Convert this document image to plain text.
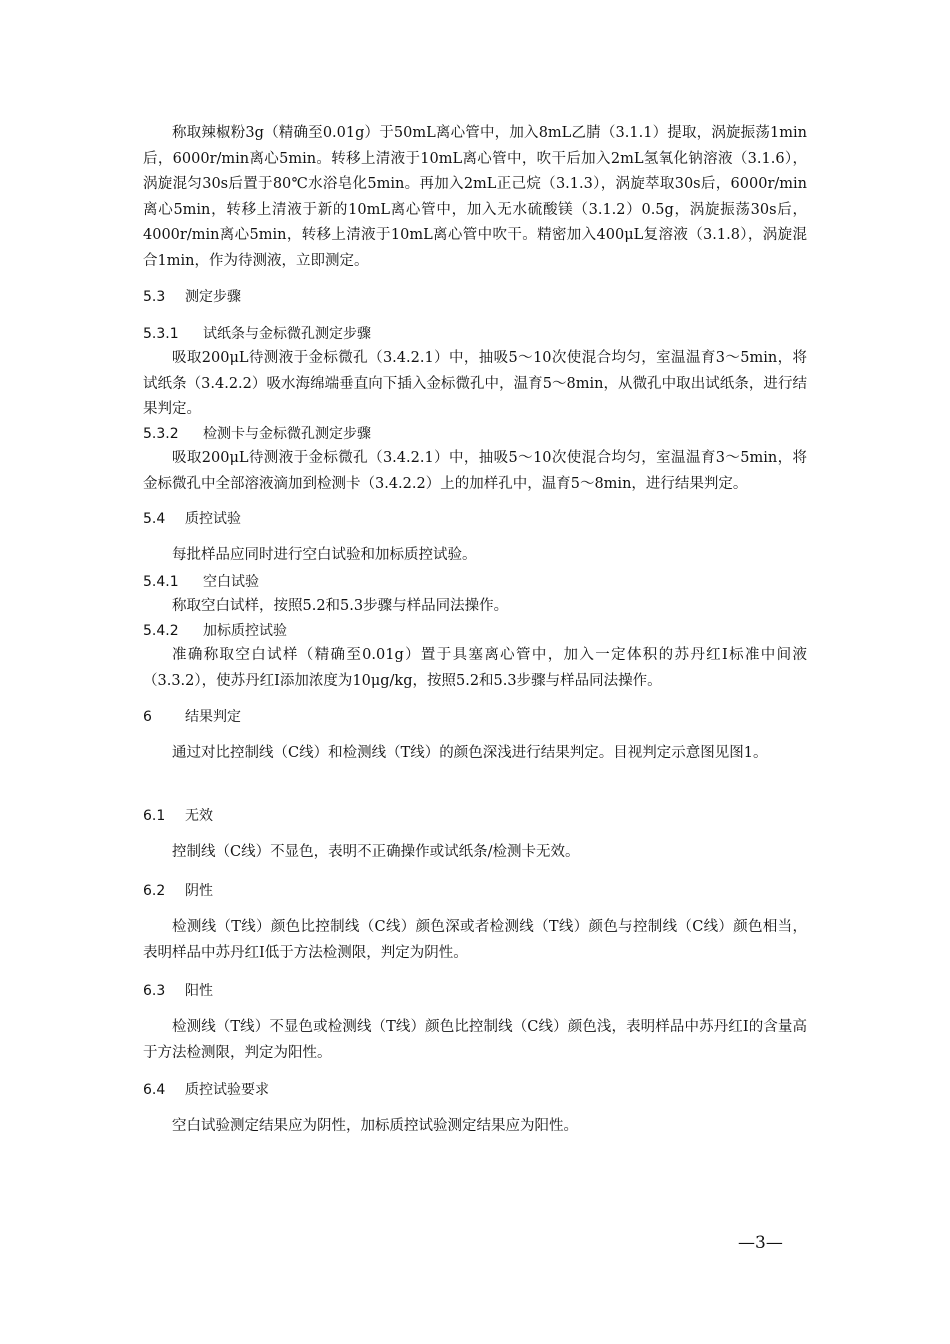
称取辣椒粉3g（精确至0.01g）于50mL离心管中，加入8mL乙腈（3.1.1）提取，涡旋振荡1min后，6000r/min离心5min。转移上清液于10mL离心管中，吹干后加入2mL氢氧化钠溶液（3.1.6），涡旋混匀30s后置于80℃水浴皂化5min。再加入2mL正己烷（3.1.3），涡旋萃取30s后，6000r/min离心5min，转移上清液于新的10mL离心管中，加入无水硫酸镁（3.1.2）0.5g，涡旋振荡30s后，4000r/min离心5min，转移上清液于10mL离心管中吹干。精密加入400μL复溶液（3.1.8），涡旋混合1min，作为待测液，立即测定。

5.3 测定步骤
5.3.1 试纸条与金标微孔测定步骤

吸取200μL待测液于金标微孔（3.4.2.1）中，抽吸5～10次使混合均匀，室温温育3～5min，将试纸条（3.4.2.2）吸水海绵端垂直向下插入金标微孔中，温育5～8min，从微孔中取出试纸条，进行结果判定。

5.3.2 检测卡与金标微孔测定步骤

吸取200μL待测液于金标微孔（3.4.2.1）中，抽吸5～10次使混合均匀，室温温育3～5min，将金标微孔中全部溶液滴加到检测卡（3.4.2.2）上的加样孔中，温育5～8min，进行结果判定。

5.4 质控试验

每批样品应同时进行空白试验和加标质控试验。

5.4.1 空白试验

称取空白试样，按照5.2和5.3步骤与样品同法操作。

5.4.2 加标质控试验

准确称取空白试样（精确至0.01g）置于具塞离心管中，加入一定体积的苏丹红I标准中间液（3.3.2），使苏丹红I添加浓度为10μg/kg，按照5.2和5.3步骤与样品同法操作。

6 结果判定

通过对比控制线（C线）和检测线（T线）的颜色深浅进行结果判定。目视判定示意图见图1。

6.1 无效

控制线（C线）不显色，表明不正确操作或试纸条/检测卡无效。

6.2 阴性

检测线（T线）颜色比控制线（C线）颜色深或者检测线（T线）颜色与控制线（C线）颜色相当，表明样品中苏丹红I低于方法检测限，判定为阴性。

6.3 阳性

检测线（T线）不显色或检测线（T线）颜色比控制线（C线）颜色浅，表明样品中苏丹红I的含量高于方法检测限，判定为阳性。

6.4 质控试验要求

空白试验测定结果应为阴性，加标质控试验测定结果应为阳性。

—3—
